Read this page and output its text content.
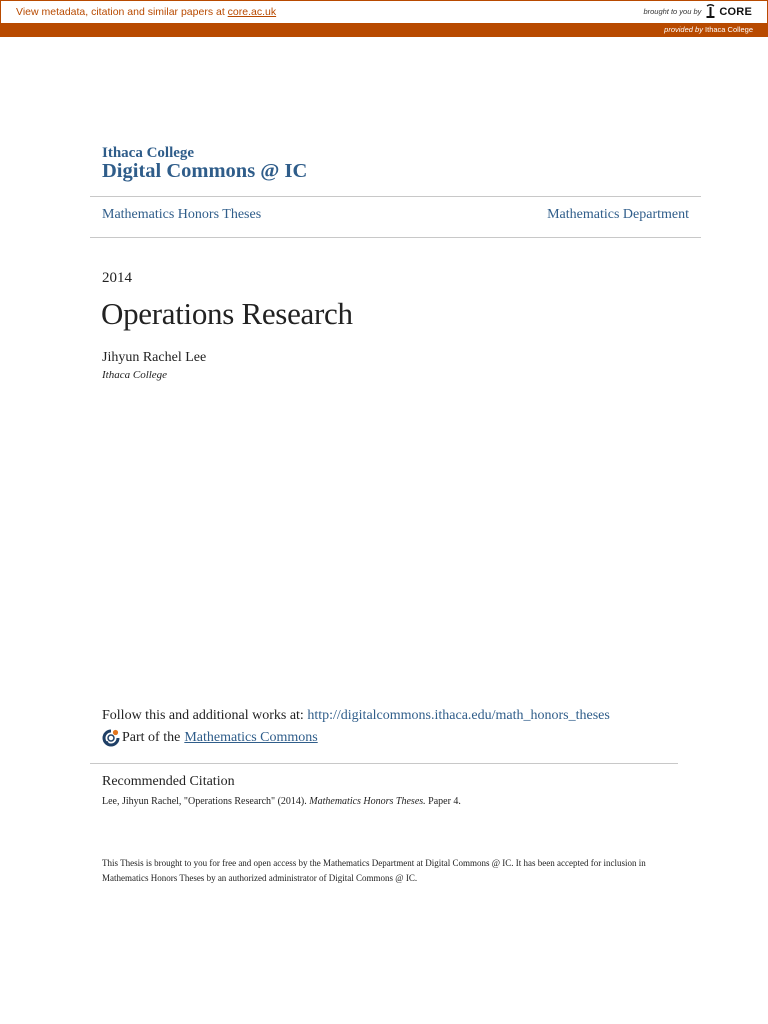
View metadata, citation and similar papers at core.ac.uk	brought to you by CORE
provided by Ithaca College
Ithaca College
Digital Commons @ IC
Mathematics Honors Theses	Mathematics Department
2014
Operations Research
Jihyun Rachel Lee
Ithaca College
Follow this and additional works at: http://digitalcommons.ithaca.edu/math_honors_theses
Part of the Mathematics Commons
Recommended Citation
Lee, Jihyun Rachel, "Operations Research" (2014). Mathematics Honors Theses. Paper 4.
This Thesis is brought to you for free and open access by the Mathematics Department at Digital Commons @ IC. It has been accepted for inclusion in
Mathematics Honors Theses by an authorized administrator of Digital Commons @ IC.
